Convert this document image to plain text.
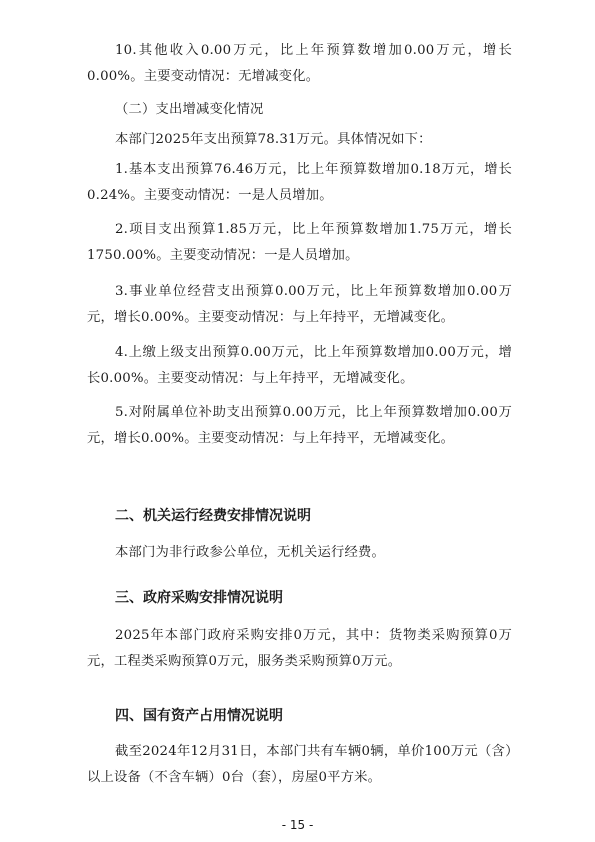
10.其他收入0.00万元，比上年预算数增加0.00万元，增长0.00%。主要变动情况：无增减变化。

（二）支出增减变化情况

本部门2025年支出预算78.31万元。具体情况如下：

1.基本支出预算76.46万元，比上年预算数增加0.18万元，增长0.24%。主要变动情况：一是人员增加。

2.项目支出预算1.85万元，比上年预算数增加1.75万元，增长1750.00%。主要变动情况：一是人员增加。

3.事业单位经营支出预算0.00万元，比上年预算数增加0.00万元，增长0.00%。主要变动情况：与上年持平，无增减变化。

4.上缴上级支出预算0.00万元，比上年预算数增加0.00万元，增长0.00%。主要变动情况：与上年持平，无增减变化。

5.对附属单位补助支出预算0.00万元，比上年预算数增加0.00万元，增长0.00%。主要变动情况：与上年持平，无增减变化。

二、机关运行经费安排情况说明

本部门为非行政参公单位，无机关运行经费。

三、政府采购安排情况说明

2025年本部门政府采购安排0万元，其中：货物类采购预算0万元，工程类采购预算0万元，服务类采购预算0万元。

四、国有资产占用情况说明

截至2024年12月31日，本部门共有车辆0辆，单价100万元（含）以上设备（不含车辆）0台（套），房屋0平方米。

- 15 -
